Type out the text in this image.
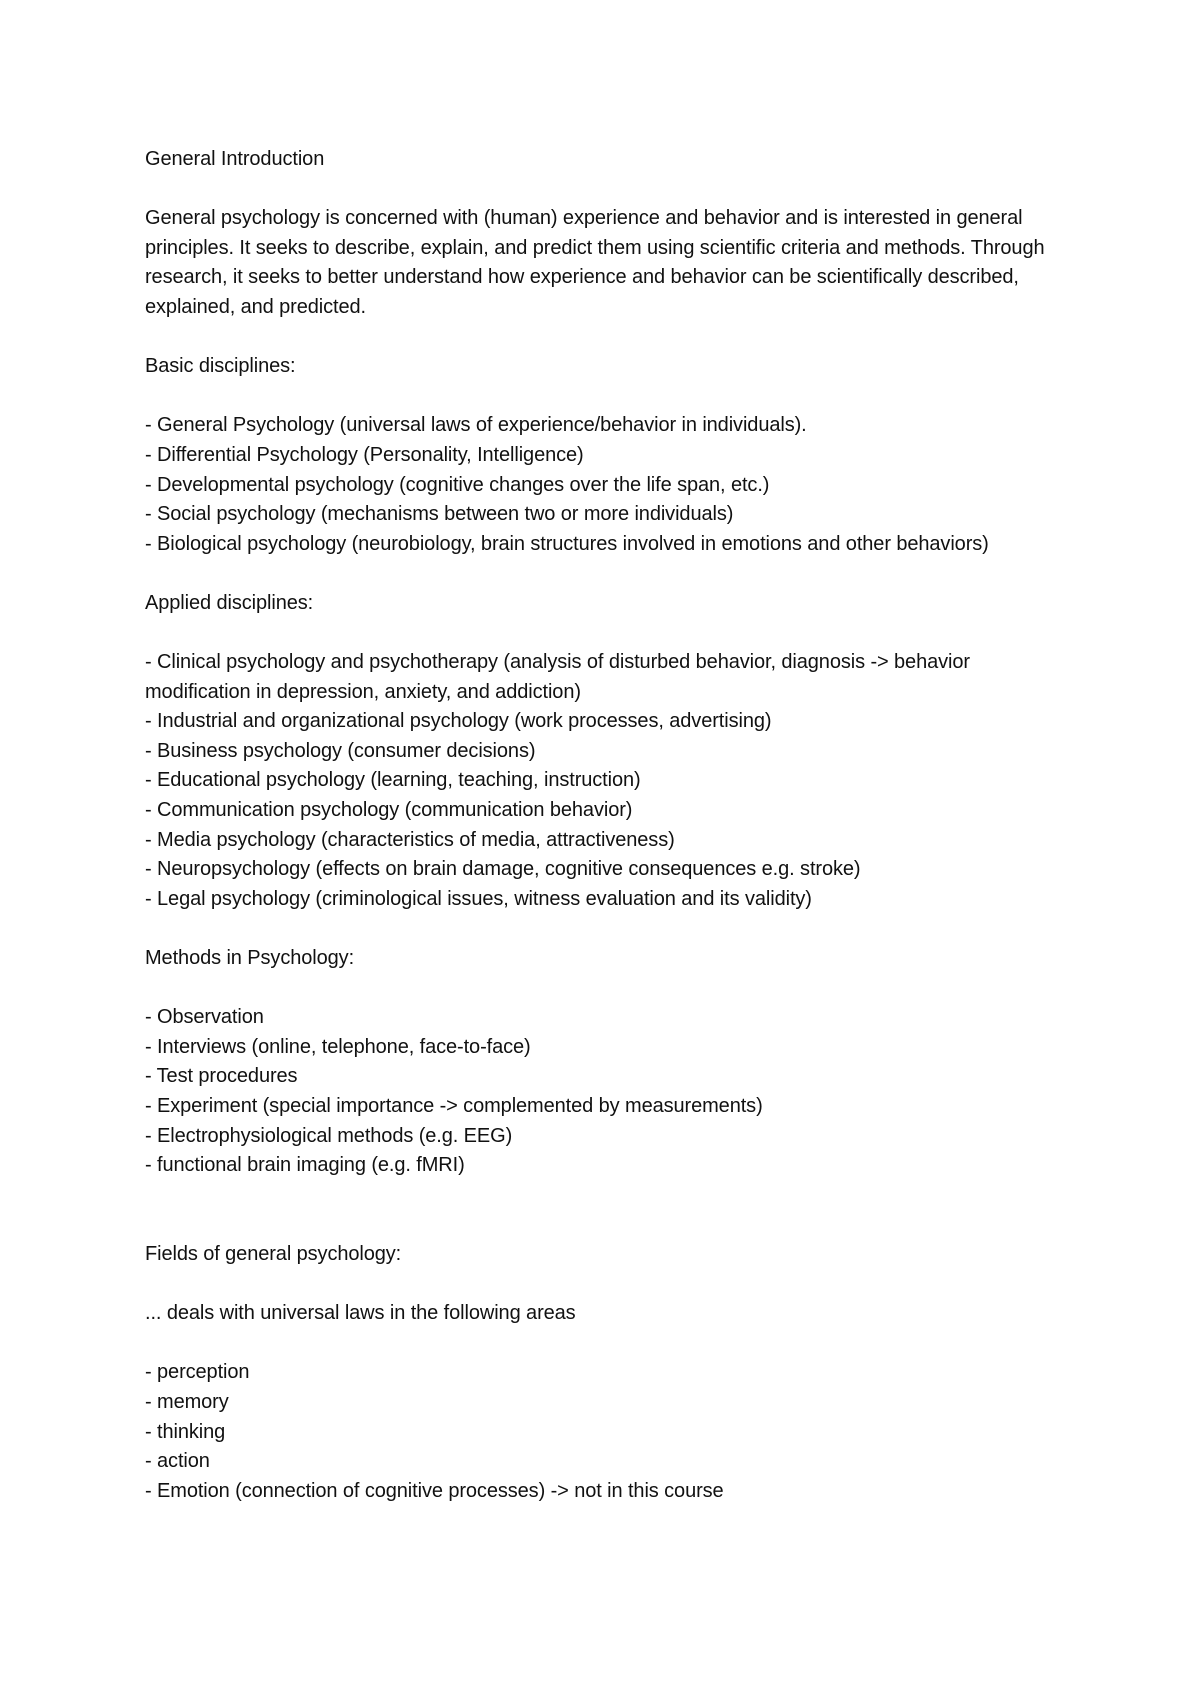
General Introduction

General psychology is concerned with (human) experience and behavior and is interested in general principles. It seeks to describe, explain, and predict them using scientific criteria and methods. Through research, it seeks to better understand how experience and behavior can be scientifically described, explained, and predicted.

Basic disciplines:

- General Psychology (universal laws of experience/behavior in individuals).
- Differential Psychology (Personality, Intelligence)
- Developmental psychology (cognitive changes over the life span, etc.)
- Social psychology (mechanisms between two or more individuals)
- Biological psychology (neurobiology, brain structures involved in emotions and other behaviors)

Applied disciplines:

- Clinical psychology and psychotherapy (analysis of disturbed behavior, diagnosis -> behavior modification in depression, anxiety, and addiction)
- Industrial and organizational psychology (work processes, advertising)
- Business psychology (consumer decisions)
- Educational psychology (learning, teaching, instruction)
- Communication psychology (communication behavior)
- Media psychology (characteristics of media, attractiveness)
- Neuropsychology (effects on brain damage, cognitive consequences e.g. stroke)
- Legal psychology (criminological issues, witness evaluation and its validity)

Methods in Psychology:

- Observation
- Interviews (online, telephone, face-to-face)
- Test procedures
- Experiment (special importance -> complemented by measurements)
- Electrophysiological methods (e.g. EEG)
- functional brain imaging (e.g. fMRI)

Fields of general psychology:

... deals with universal laws in the following areas

- perception
- memory
- thinking
- action
- Emotion (connection of cognitive processes) -> not in this course
